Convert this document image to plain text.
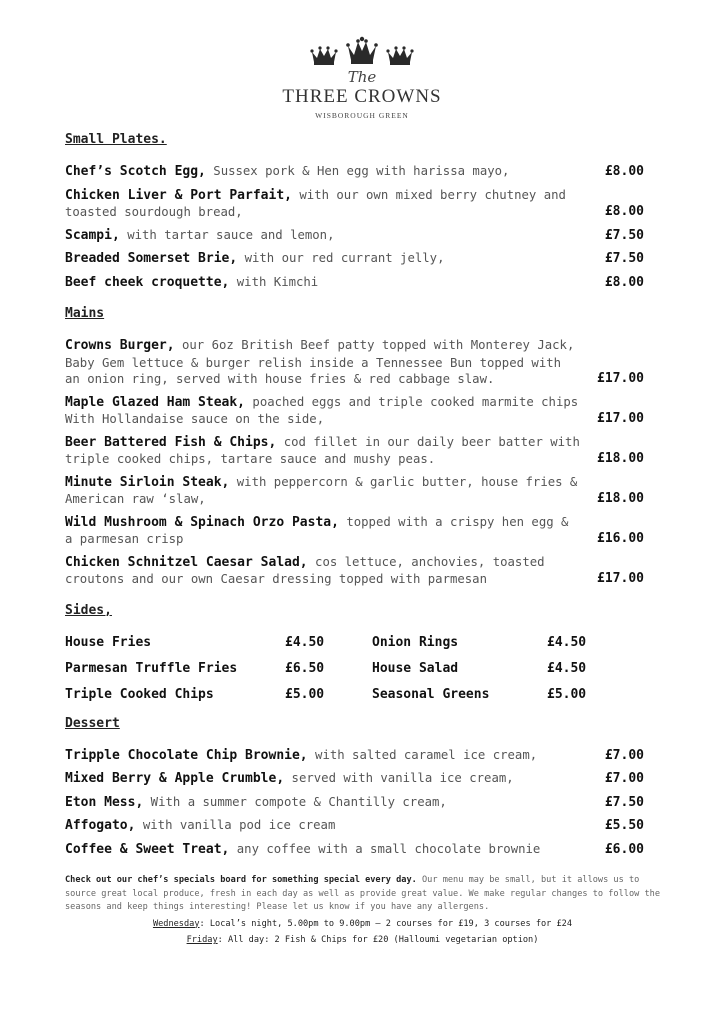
The
THREE CROWNS
WISBOROUGH GREEN
Small Plates.
Chef’s Scotch Egg, Sussex pork & Hen egg with harissa mayo,	£8.00
Chicken Liver & Port Parfait, with our own mixed berry chutney and toasted sourdough bread,	£8.00
Scampi, with tartar sauce and lemon,	£7.50
Breaded Somerset Brie, with our red currant jelly,	£7.50
Beef cheek croquette, with Kimchi	£8.00
Mains
Crowns Burger, our 6oz British Beef patty topped with Monterey Jack, Baby Gem lettuce & burger relish inside a Tennessee Bun topped with an onion ring, served with house fries & red cabbage slaw.	£17.00
Maple Glazed Ham Steak, poached eggs and triple cooked marmite chips With Hollandaise sauce on the side,	£17.00
Beer Battered Fish & Chips, cod fillet in our daily beer batter with triple cooked chips, tartare sauce and mushy peas.	£18.00
Minute Sirloin Steak, with peppercorn & garlic butter, house fries & American raw ‘slaw,	£18.00
Wild Mushroom & Spinach Orzo Pasta, topped with a crispy hen egg & a parmesan crisp	£16.00
Chicken Schnitzel Caesar Salad, cos lettuce, anchovies, toasted croutons and our own Caesar dressing topped with parmesan	£17.00
Sides,
House Fries	£4.50	Onion Rings	£4.50
Parmesan Truffle Fries	£6.50	House Salad	£4.50
Triple Cooked Chips	£5.00	Seasonal Greens	£5.00
Dessert
Tripple Chocolate Chip Brownie, with salted caramel ice cream,	£7.00
Mixed Berry & Apple Crumble, served with vanilla ice cream,	£7.00
Eton Mess, With a summer compote & Chantilly cream,	£7.50
Affogato, with vanilla pod ice cream	£5.50
Coffee & Sweet Treat, any coffee with a small chocolate brownie	£6.00
Check out our chef’s specials board for something special every day. Our menu may be small, but it allows us to source great local produce, fresh in each day as well as provide great value. We make regular changes to follow the seasons and keep things interesting! Please let us know if you have any allergens.
Wednesday: Local’s night, 5.00pm to 9.00pm – 2 courses for £19, 3 courses for £24
Friday: All day: 2 Fish & Chips for £20 (Halloumi vegetarian option)
